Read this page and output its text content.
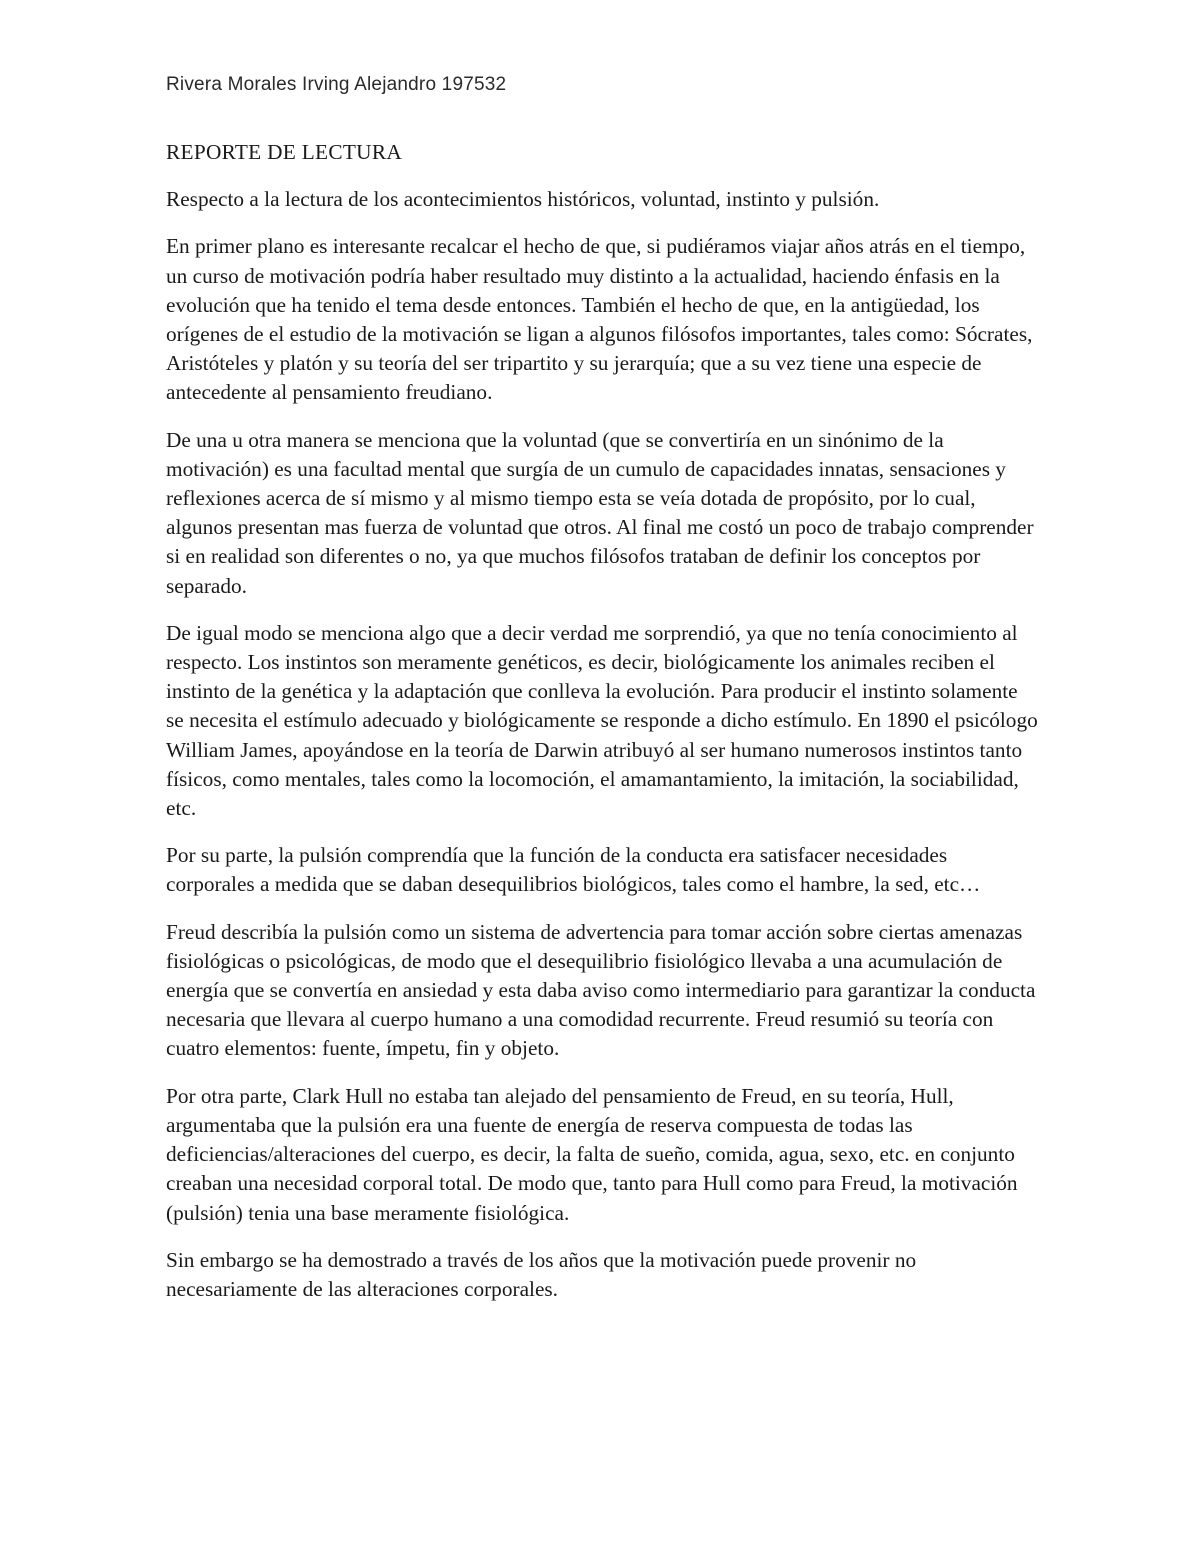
Rivera Morales Irving Alejandro 197532

REPORTE DE LECTURA

Respecto a la lectura de los acontecimientos históricos, voluntad, instinto y pulsión.

En primer plano es interesante recalcar el hecho de que, si pudiéramos viajar años atrás en el tiempo, un curso de motivación podría haber resultado muy distinto a la actualidad, haciendo énfasis en la evolución que ha tenido el tema desde entonces. También el hecho de que, en la antigüedad, los orígenes de el estudio de la motivación se ligan a algunos filósofos importantes, tales como: Sócrates, Aristóteles y platón y su teoría del ser tripartito y su jerarquía; que a su vez tiene una especie de antecedente al pensamiento freudiano.

De una u otra manera se menciona que la voluntad (que se convertiría en un sinónimo de la motivación) es una facultad mental que surgía de un cumulo de capacidades innatas, sensaciones y reflexiones acerca de sí mismo y al mismo tiempo esta se veía dotada de propósito, por lo cual, algunos presentan mas fuerza de voluntad que otros. Al final me costó un poco de trabajo comprender si en realidad son diferentes o no, ya que muchos filósofos trataban de definir los conceptos por separado.

De igual modo se menciona algo que a decir verdad me sorprendió, ya que no tenía conocimiento al respecto. Los instintos son meramente genéticos, es decir, biológicamente los animales reciben el instinto de la genética y la adaptación que conlleva la evolución. Para producir el instinto solamente se necesita el estímulo adecuado y biológicamente se responde a dicho estímulo. En 1890 el psicólogo William James, apoyándose en la teoría de Darwin atribuyó al ser humano numerosos instintos tanto físicos, como mentales, tales como la locomoción, el amamantamiento, la imitación, la sociabilidad, etc.

Por su parte, la pulsión comprendía que la función de la conducta era satisfacer necesidades corporales a medida que se daban desequilibrios biológicos, tales como el hambre, la sed, etc…

Freud describía la pulsión como un sistema de advertencia para tomar acción sobre ciertas amenazas fisiológicas o psicológicas, de modo que el desequilibrio fisiológico llevaba a una acumulación de energía que se convertía en ansiedad y esta daba aviso como intermediario para garantizar la conducta necesaria que llevara al cuerpo humano a una comodidad recurrente. Freud resumió su teoría con cuatro elementos: fuente, ímpetu, fin y objeto.

Por otra parte, Clark Hull no estaba tan alejado del pensamiento de Freud, en su teoría, Hull, argumentaba que la pulsión era una fuente de energía de reserva compuesta de todas las deficiencias/alteraciones del cuerpo, es decir, la falta de sueño, comida, agua, sexo, etc. en conjunto creaban una necesidad corporal total. De modo que, tanto para Hull como para Freud, la motivación (pulsión) tenia una base meramente fisiológica.

Sin embargo se ha demostrado a través de los años que la motivación puede provenir no necesariamente de las alteraciones corporales.
